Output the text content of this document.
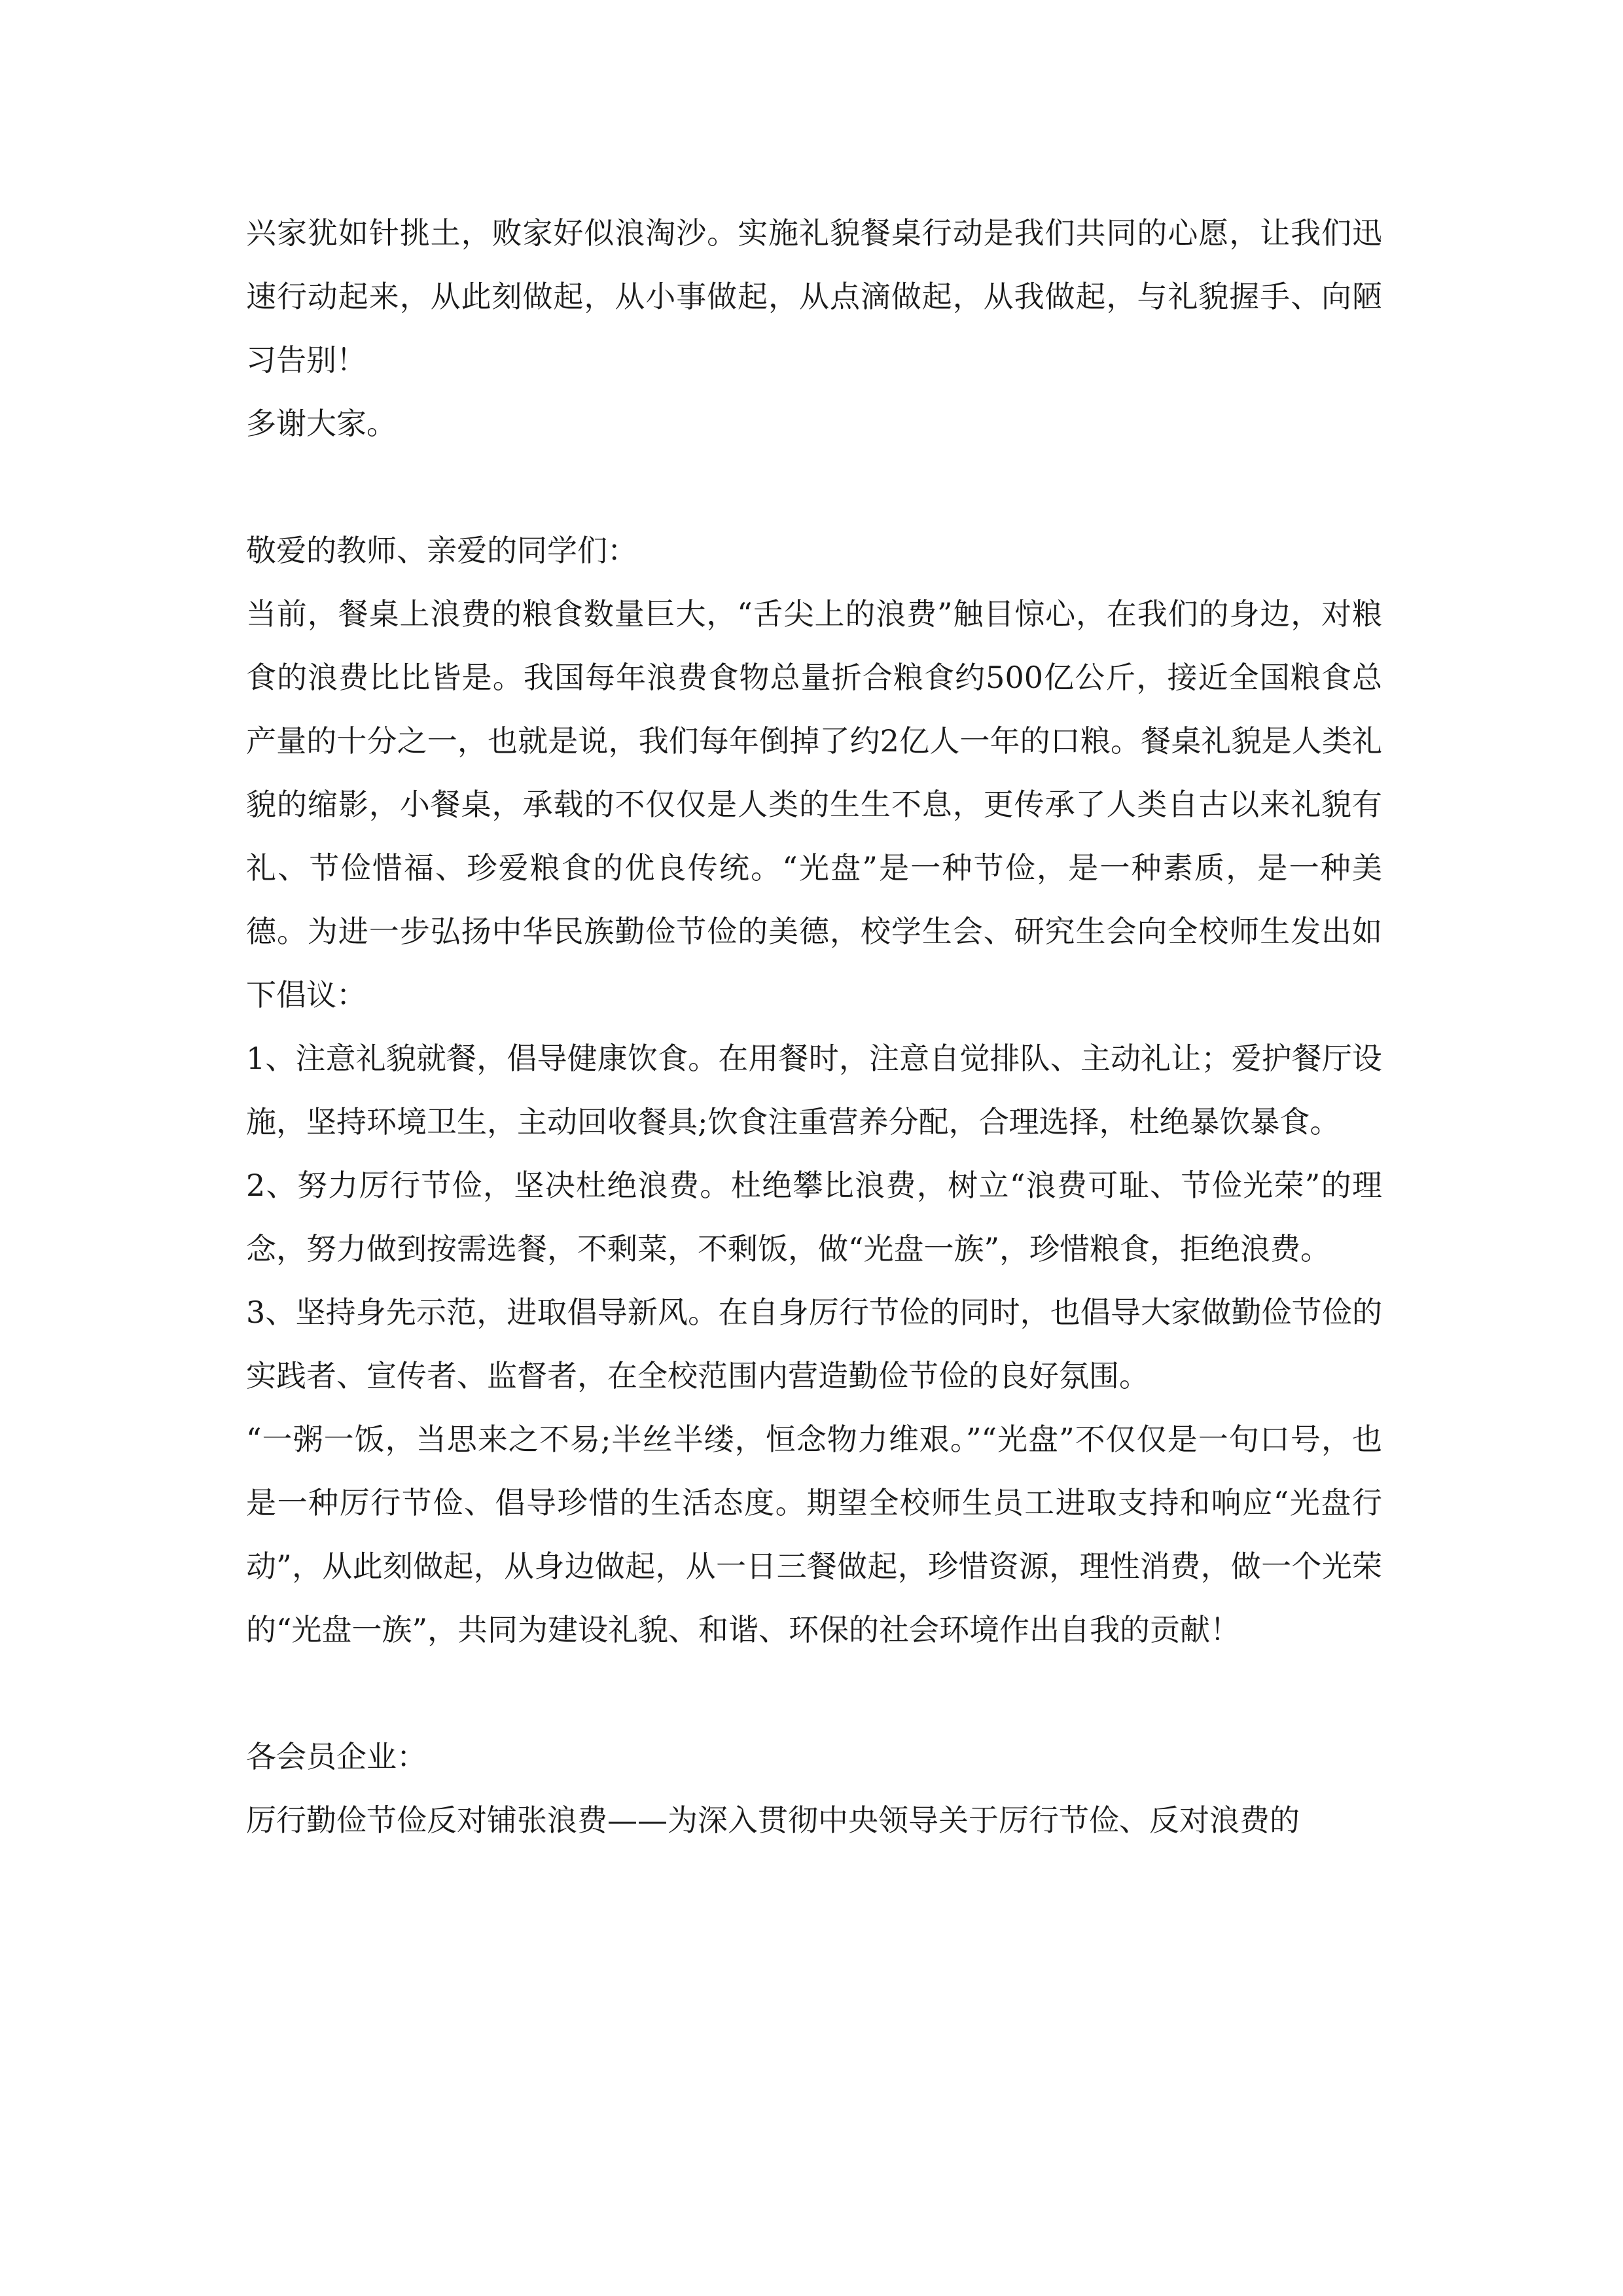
兴家犹如针挑土，败家好似浪淘沙。实施礼貌餐桌行动是我们共同的心愿，让我们迅速行动起来，从此刻做起，从小事做起，从点滴做起，从我做起，与礼貌握手、向陋习告别！

多谢大家。

敬爱的教师、亲爱的同学们：

当前，餐桌上浪费的粮食数量巨大，“舌尖上的浪费”触目惊心，在我们的身边，对粮食的浪费比比皆是。我国每年浪费食物总量折合粮食约500亿公斤，接近全国粮食总产量的十分之一，也就是说，我们每年倒掉了约2亿人一年的口粮。餐桌礼貌是人类礼貌的缩影，小餐桌，承载的不仅仅是人类的生生不息，更传承了人类自古以来礼貌有礼、节俭惜福、珍爱粮食的优良传统。“光盘”是一种节俭，是一种素质，是一种美德。为进一步弘扬中华民族勤俭节俭的美德，校学生会、研究生会向全校师生发出如下倡议：

1、注意礼貌就餐，倡导健康饮食。在用餐时，注意自觉排队、主动礼让；爱护餐厅设施，坚持环境卫生，主动回收餐具;饮食注重营养分配，合理选择，杜绝暴饮暴食。

2、努力厉行节俭，坚决杜绝浪费。杜绝攀比浪费，树立“浪费可耻、节俭光荣”的理念，努力做到按需选餐，不剩菜，不剩饭，做“光盘一族”，珍惜粮食，拒绝浪费。

3、坚持身先示范，进取倡导新风。在自身厉行节俭的同时，也倡导大家做勤俭节俭的实践者、宣传者、监督者，在全校范围内营造勤俭节俭的良好氛围。

“一粥一饭，当思来之不易;半丝半缕，恒念物力维艰。”“光盘”不仅仅是一句口号，也是一种厉行节俭、倡导珍惜的生活态度。期望全校师生员工进取支持和响应“光盘行动”，从此刻做起，从身边做起，从一日三餐做起，珍惜资源，理性消费，做一个光荣的“光盘一族”，共同为建设礼貌、和谐、环保的社会环境作出自我的贡献！

各会员企业：

厉行勤俭节俭反对铺张浪费——为深入贯彻中央领导关于厉行节俭、反对浪费的
